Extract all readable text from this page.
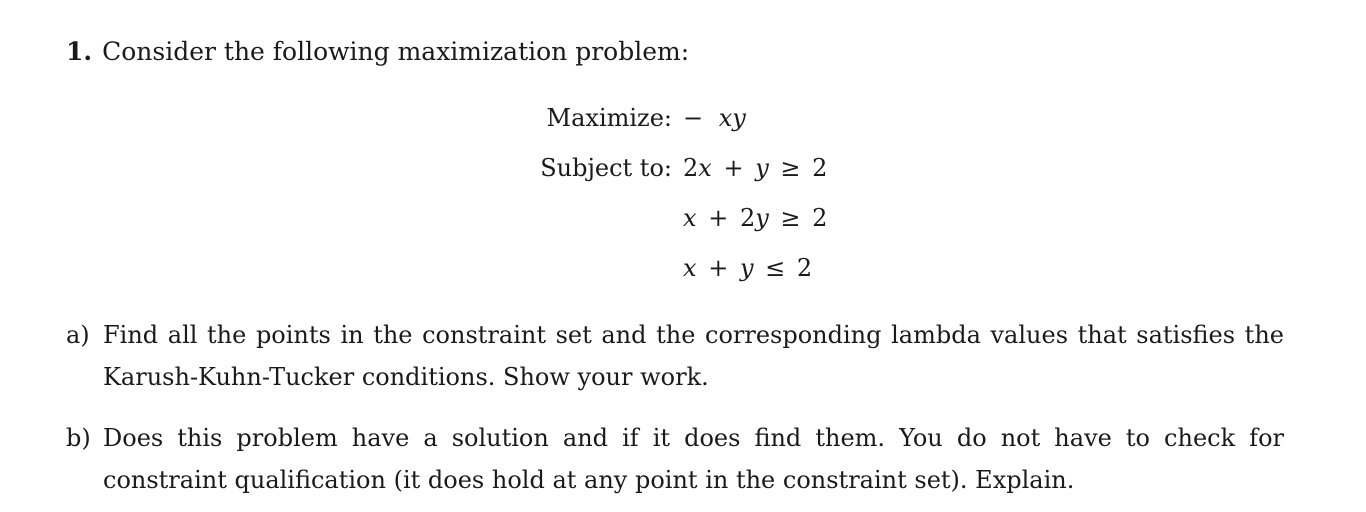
1. Consider the following maximization problem:
Maximize: − xy
Subject to: 2x + y ≥ 2
x + 2y ≥ 2
x + y ≤ 2
a) Find all the points in the constraint set and the corresponding lambda values that satisfies the Karush-Kuhn-Tucker conditions. Show your work.
b) Does this problem have a solution and if it does find them. You do not have to check for constraint qualification (it does hold at any point in the constraint set). Explain.
